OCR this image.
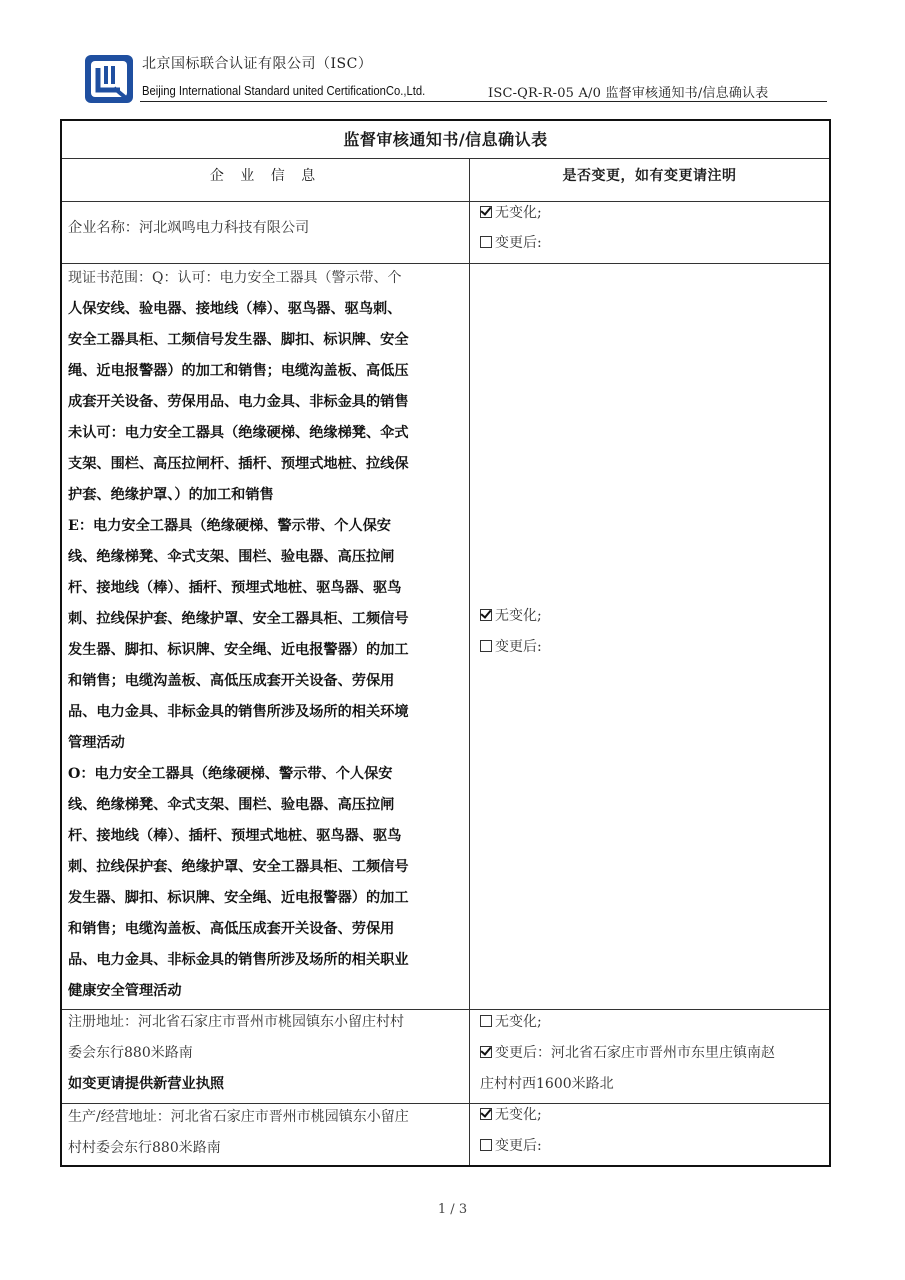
北京国标联合认证有限公司（ISC）
Beijing International Standard united CertificationCo.,Ltd.	ISC-QR-R-05 A/0 监督审核通知书/信息确认表
监督审核通知书/信息确认表
企 业 信 息	是否变更，如有变更请注明
企业名称：河北飒鸣电力科技有限公司
无变化;
变更后:
现证书范围：Q：认可：电力安全工器具（警示带、个
人保安线、验电器、接地线（棒）、驱鸟器、驱鸟刺、
安全工器具柜、工频信号发生器、脚扣、标识牌、安全
绳、近电报警器）的加工和销售；电缆沟盖板、高低压
成套开关设备、劳保用品、电力金具、非标金具的销售
未认可：电力安全工器具（绝缘硬梯、绝缘梯凳、伞式
支架、围栏、高压拉闸杆、插杆、预埋式地桩、拉线保
护套、绝缘护罩、）的加工和销售
E：电力安全工器具（绝缘硬梯、警示带、个人保安
线、绝缘梯凳、伞式支架、围栏、验电器、高压拉闸
杆、接地线（棒）、插杆、预埋式地桩、驱鸟器、驱鸟
刺、拉线保护套、绝缘护罩、安全工器具柜、工频信号
发生器、脚扣、标识牌、安全绳、近电报警器）的加工
和销售；电缆沟盖板、高低压成套开关设备、劳保用
品、电力金具、非标金具的销售所涉及场所的相关环境
管理活动
O：电力安全工器具（绝缘硬梯、警示带、个人保安
线、绝缘梯凳、伞式支架、围栏、验电器、高压拉闸
杆、接地线（棒）、插杆、预埋式地桩、驱鸟器、驱鸟
刺、拉线保护套、绝缘护罩、安全工器具柜、工频信号
发生器、脚扣、标识牌、安全绳、近电报警器）的加工
和销售；电缆沟盖板、高低压成套开关设备、劳保用
品、电力金具、非标金具的销售所涉及场所的相关职业
健康安全管理活动
无变化;
变更后:
注册地址：河北省石家庄市晋州市桃园镇东小留庄村村
委会东行880米路南
如变更请提供新营业执照
无变化;
变更后：河北省石家庄市晋州市东里庄镇南赵
庄村村西1600米路北
生产/经营地址：河北省石家庄市晋州市桃园镇东小留庄
村村委会东行880米路南
无变化;
变更后:
1 / 3
